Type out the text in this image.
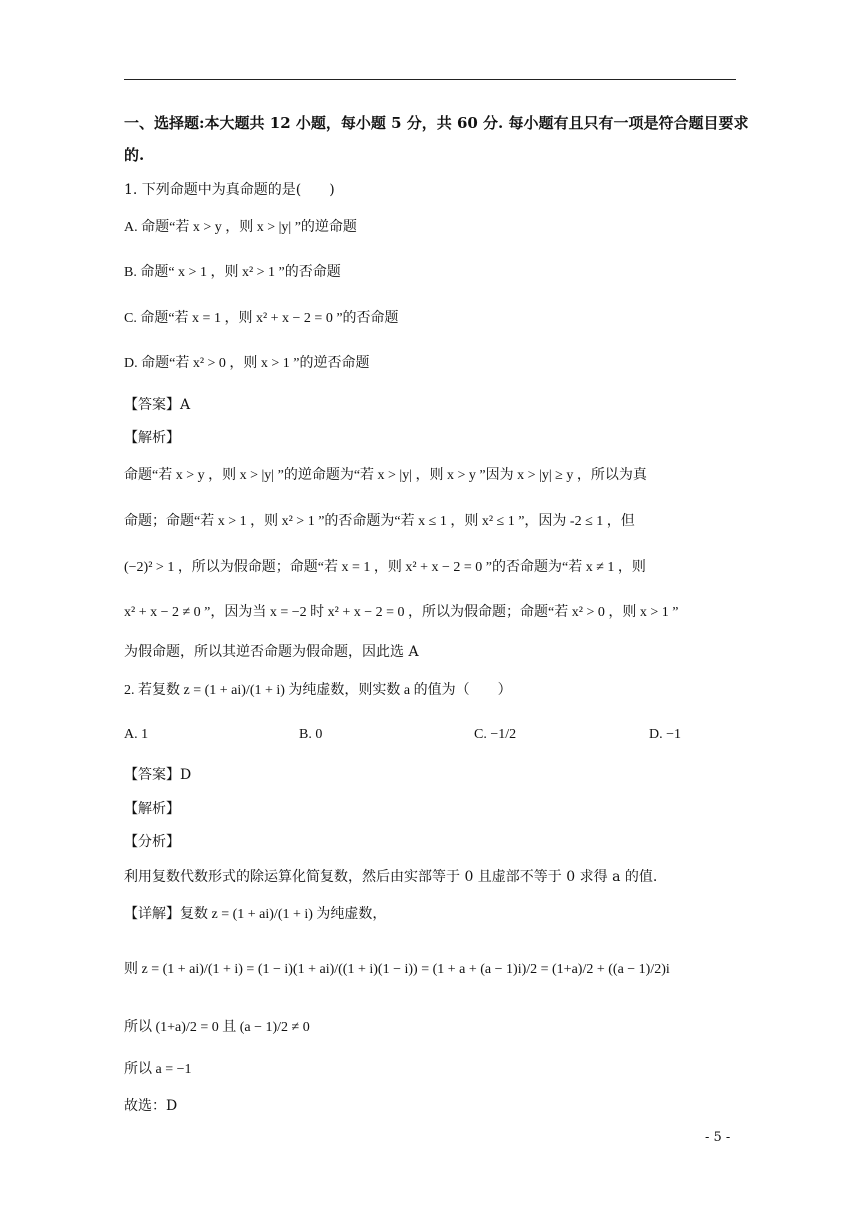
一、选择题:本大题共 12 小题，每小题 5 分，共 60 分. 每小题有且只有一项是符合题目要求
的.
1. 下列命题中为真命题的是(　　)
A. 命题“若 x > y ，则 x > |y| ”的逆命题
B. 命题“ x > 1 ，则 x² > 1 ”的否命题
C. 命题“若 x = 1 ，则 x² + x − 2 = 0 ”的否命题
D. 命题“若 x² > 0 ，则 x > 1 ”的逆否命题
【答案】A
【解析】
命题“若 x > y ，则 x > |y| ”的逆命题为“若 x > |y| ，则 x > y ”因为 x > |y| ≥ y ，所以为真
命题；命题“若 x > 1 ，则 x² > 1 ”的否命题为“若 x ≤ 1 ，则 x² ≤ 1 ”，因为 -2 ≤ 1 ，但
(−2)² > 1 ，所以为假命题；命题“若 x = 1 ，则 x² + x − 2 = 0 ”的否命题为“若 x ≠ 1 ，则
x² + x − 2 ≠ 0 ”，因为当 x = −2 时 x² + x − 2 = 0 ，所以为假命题；命题“若 x² > 0 ，则 x > 1 ”
为假命题，所以其逆否命题为假命题，因此选 A
2. 若复数 z = (1 + ai)/(1 + i) 为纯虚数，则实数 a 的值为（　　）
A. 1	B. 0	C. −1/2	D. −1
【答案】D
【解析】
【分析】
利用复数代数形式的除运算化简复数，然后由实部等于 0 且虚部不等于 0 求得 a 的值.
【详解】复数 z = (1 + ai)/(1 + i) 为纯虚数，
则 z = (1 + ai)/(1 + i) = (1 − i)(1 + ai)/((1 + i)(1 − i)) = (1 + a + (a − 1)i)/2 = (1+a)/2 + ((a − 1)/2)i
所以 (1+a)/2 = 0 且 (a − 1)/2 ≠ 0
所以 a = −1
故选：D
- 5 -
